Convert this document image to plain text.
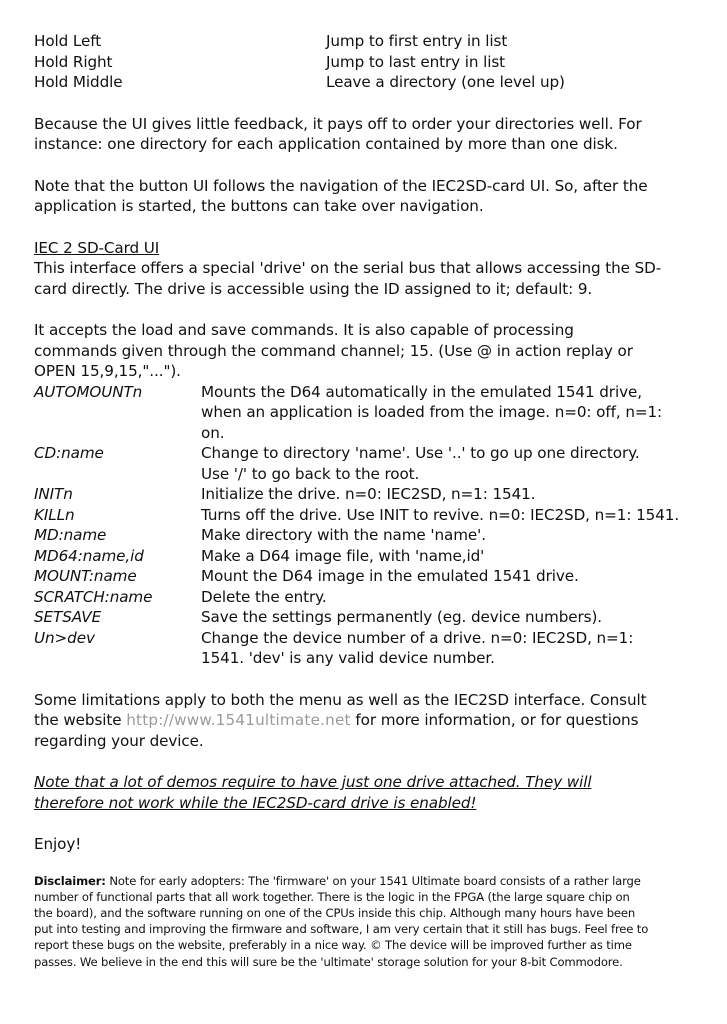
Hold Left	Jump to first entry in list
Hold Right	Jump to last entry in list
Hold Middle	Leave a directory (one level up)
Because the UI gives little feedback, it pays off to order your directories well. For
instance: one directory for each application contained by more than one disk.
Note that the button UI follows the navigation of the IEC2SD-card UI. So, after the
application is started, the buttons can take over navigation.
IEC 2 SD-Card UI
This interface offers a special 'drive' on the serial bus that allows accessing the SD-
card directly. The drive is accessible using the ID assigned to it; default: 9.
It accepts the load and save commands. It is also capable of processing
commands given through the command channel; 15. (Use @ in action replay or
OPEN 15,9,15,"...").
AUTOMOUNTn	Mounts the D64 automatically in the emulated 1541 drive,
when an application is loaded from the image. n=0: off, n=1:
on.
CD:name	Change to directory 'name'. Use '..' to go up one directory.
Use '/' to go back to the root.
INITn	Initialize the drive. n=0: IEC2SD, n=1: 1541.
KILLn	Turns off the drive. Use INIT to revive. n=0: IEC2SD, n=1: 1541.
MD:name	Make directory with the name 'name'.
MD64:name,id	Make a D64 image file, with 'name,id'
MOUNT:name	Mount the D64 image in the emulated 1541 drive.
SCRATCH:name	Delete the entry.
SETSAVE	Save the settings permanently (eg. device numbers).
Un>dev	Change the device number of a drive. n=0: IEC2SD, n=1:
1541. 'dev' is any valid device number.
Some limitations apply to both the menu as well as the IEC2SD interface. Consult
the website http://www.1541ultimate.net for more information, or for questions
regarding your device.
Note that a lot of demos require to have just one drive attached. They will
therefore not work while the IEC2SD-card drive is enabled!
Enjoy!
Disclaimer: Note for early adopters: The 'firmware' on your 1541 Ultimate board consists of a rather large
number of functional parts that all work together. There is the logic in the FPGA (the large square chip on
the board), and the software running on one of the CPUs inside this chip. Although many hours have been
put into testing and improving the firmware and software, I am very certain that it still has bugs. Feel free to
report these bugs on the website, preferably in a nice way. © The device will be improved further as time
passes. We believe in the end this will sure be the 'ultimate' storage solution for your 8-bit Commodore.
